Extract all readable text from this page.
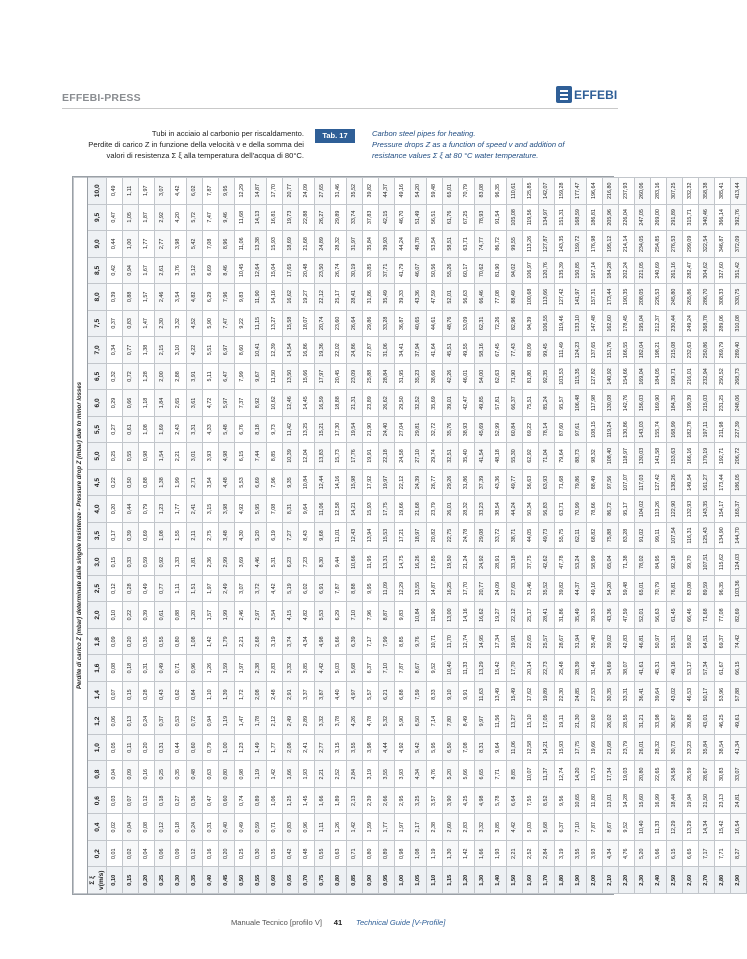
EFFEBI-PRESS	EFFEBI
Tubi in acciaio al carbonio per riscaldamento.
Perdite di carico Z in funzione della velocità v e della somma dei
valori di resistenza Σ ξ alla temperatura dell'acqua di 80°C.
Tab. 17	Carbon steel pipes for heating.
Pressure drops Z as a function of speed v and addition of
resistance values Σ ξ at 80 °C water temperature.
Perdite di carico Z (mbar) determinate dalle singole resistenze - Pressure drop Z (mbar) due to minor losses																										

Σ ξ v(m/s)	0,2	0,4	0,6	0,8	1,0	1,2	1,4	1,6	1,8	2,0	2,5	3,0	3,5	4,0	4,5	5,0	5,5	6,0	6,5	7,0	7,5	8,0	8,5	9,0	9,5	10,0
0,10	0,01	0,02	0,03	0,04	0,05	0,06	0,07	0,08	0,09	0,10	0,12	0,15	0,17	0,20	0,22	0,25	0,27	0,29	0,32	0,34	0,37	0,39	0,42	0,44	0,47	0,49
0,15	0,02	0,04	0,07	0,09	0,11	0,13	0,15	0,18	0,20	0,22	0,28	0,33	0,39	0,44	0,50	0,55	0,61	0,66	0,72	0,77	0,83	0,88	0,94	1,00	1,05	1,11
0,20	0,04	0,08	0,12	0,16	0,20	0,24	0,28	0,31	0,35	0,39	0,49	0,59	0,69	0,79	0,88	0,98	1,08	1,18	1,28	1,38	1,47	1,57	1,67	1,77	1,87	1,97
0,25	0,06	0,12	0,18	0,25	0,31	0,37	0,43	0,49	0,55	0,61	0,77	0,92	1,08	1,23	1,38	1,54	1,69	1,84	2,00	2,15	2,30	2,46	2,61	2,77	2,92	3,07
0,30	0,09	0,18	0,27	0,35	0,44	0,53	0,62	0,71	0,80	0,88	1,11	1,33	1,55	1,77	1,99	2,21	2,43	2,65	2,88	3,10	3,32	3,54	3,76	3,98	4,20	4,42
0,35	0,12	0,24	0,36	0,48	0,60	0,72	0,84	0,96	1,08	1,20	1,51	1,81	2,11	2,41	2,71	3,01	3,31	3,61	3,91	4,22	4,52	4,82	5,12	5,42	5,72	6,02
0,40	0,16	0,31	0,47	0,63	0,79	0,94	1,10	1,26	1,42	1,57	1,97	2,36	2,75	3,15	3,54	3,93	4,33	4,72	5,11	5,51	5,90	6,29	6,69	7,08	7,47	7,87
0,45	0,20	0,40	0,60	0,80	1,00	1,19	1,39	1,59	1,79	1,99	2,49	2,99	3,48	3,98	4,48	4,98	5,48	5,97	6,47	6,97	7,47	7,96	8,46	8,96	9,46	9,95
0,50	0,25	0,49	0,74	0,98	1,23	1,47	1,72	1,97	2,21	2,46	3,07	3,69	4,30	4,92	5,53	6,15	6,76	7,37	7,99	8,60	9,22	9,83	10,45	11,06	11,68	12,29
0,55	0,30	0,59	0,89	1,19	1,49	1,78	2,08	2,38	2,68	2,97	3,72	4,46	5,20	5,95	6,69	7,44	8,18	8,92	9,67	10,41	11,15	11,90	12,64	13,38	14,13	14,87
0,60	0,35	0,71	1,06	1,42	1,77	2,12	2,48	2,83	3,19	3,54	4,42	5,31	6,19	7,08	7,96	8,85	9,73	10,62	11,50	12,39	13,27	14,16	15,04	15,93	16,81	17,70
0,65	0,42	0,83	1,25	1,66	2,08	2,49	2,91	3,32	3,74	4,15	5,19	6,23	7,27	8,31	9,35	10,39	11,42	12,46	13,50	14,54	15,58	16,62	17,65	18,69	19,73	20,77
0,70	0,48	0,96	1,45	1,93	2,41	2,89	3,37	3,85	4,34	4,82	6,02	7,23	8,43	9,64	10,84	12,04	13,25	14,45	15,66	16,86	18,07	19,27	20,48	21,68	22,88	24,09
0,75	0,55	1,11	1,66	2,21	2,77	3,32	3,87	4,42	4,98	5,53	6,91	8,30	9,68	11,06	12,44	13,83	15,21	16,59	17,97	19,36	20,74	22,12	23,50	24,89	26,27	27,65
0,80	0,63	1,26	1,89	2,52	3,15	3,78	4,40	5,03	5,66	6,29	7,87	9,44	11,01	12,58	14,16	15,73	17,30	18,88	20,45	22,02	23,60	25,17	26,74	28,32	29,89	31,46
0,85	0,71	1,42	2,13	2,84	3,55	4,26	4,97	5,68	6,39	7,10	8,88	10,66	12,43	14,21	15,98	17,76	19,54	21,31	23,09	24,86	26,64	28,41	30,19	31,97	33,74	35,52
0,90	0,80	1,59	2,39	3,19	3,98	4,78	5,57	6,37	7,17	7,96	9,95	11,95	13,94	15,93	17,92	19,91	21,90	23,89	25,88	27,87	29,86	31,86	33,85	35,84	37,83	39,82
0,95	0,89	1,77	2,66	3,55	4,44	5,32	6,21	7,10	7,99	8,87	11,09	13,31	15,53	17,75	19,97	22,18	24,40	26,62	28,84	31,06	33,28	35,49	37,71	39,93	42,15	44,37
1,00	0,98	1,97	2,95	3,93	4,92	5,90	6,88	7,87	8,85	9,83	12,29	14,75	17,21	19,66	22,12	24,58	27,04	29,50	31,95	34,41	36,87	39,33	41,79	44,24	46,70	49,16
1,05	1,08	2,17	3,25	4,34	5,42	6,50	7,59	8,67	9,76	10,84	13,55	16,26	18,97	21,68	24,39	27,10	29,81	32,52	35,23	37,94	40,65	43,36	46,07	48,78	51,49	54,20
1,10	1,19	2,38	3,57	4,76	5,95	7,14	8,33	9,52	10,71	11,90	14,87	17,85	20,82	23,79	26,77	29,74	32,72	35,69	38,66	41,64	44,61	47,59	50,56	53,54	56,51	59,48
1,15	1,30	2,60	3,90	5,20	6,50	7,80	9,10	10,40	11,70	13,00	16,25	19,50	22,75	26,01	29,26	32,51	35,76	39,01	42,26	45,51	48,76	52,01	55,26	58,51	61,76	65,01
1,20	1,42	2,83	4,25	5,66	7,08	8,49	9,91	11,33	12,74	14,16	17,70	21,24	24,78	28,32	31,86	35,40	38,93	42,47	46,01	49,55	53,09	56,63	60,17	63,71	67,25	70,79
1,30	1,66	3,32	4,98	6,65	8,31	9,97	11,63	13,29	14,95	16,62	20,77	24,92	29,08	33,23	37,39	41,54	45,69	49,85	54,00	58,16	62,31	66,46	70,62	74,77	78,93	83,08
1,40	1,93	3,85	5,78	7,71	9,64	11,56	13,49	15,42	17,34	19,27	24,09	28,91	33,72	38,54	43,36	48,18	52,99	57,81	62,63	67,45	72,26	77,08	81,90	86,72	91,54	96,35
1,50	2,21	4,42	6,64	8,85	11,06	13,27	15,49	17,70	19,91	22,12	27,65	33,18	38,71	44,24	49,77	55,30	60,84	66,37	71,90	77,43	82,96	88,49	94,02	99,55	105,08	110,61
1,60	2,52	5,03	7,55	10,07	12,58	15,10	17,62	20,14	22,65	25,17	31,46	37,75	44,05	50,34	56,63	62,92	69,22	75,51	81,80	88,09	94,39	100,68	106,97	113,26	119,56	125,85
1,70	2,84	5,68	8,52	11,37	14,21	17,05	19,89	22,73	25,57	28,41	35,52	42,62	49,73	56,83	63,93	71,04	78,14	85,24	92,35	99,45	106,55	113,66	120,76	127,87	134,97	142,07
1,80	3,19	6,37	9,56	12,74	15,93	19,11	22,30	25,48	28,67	31,86	39,82	47,78	55,75	63,71	71,68	79,64	87,60	95,57	103,53	111,49	119,46	127,42	135,39	143,35	151,31	159,28
1,90	3,55	7,10	10,65	14,20	17,75	21,30	24,85	28,39	31,94	35,49	44,37	53,24	62,11	70,99	79,86	88,73	97,61	106,48	115,35	124,23	133,10	141,97	150,85	159,72	168,59	177,47
2,00	3,93	7,87	11,80	15,73	19,66	23,60	27,53	31,46	35,40	39,33	49,16	58,99	68,82	78,66	88,49	98,32	108,15	117,98	127,82	137,65	147,48	157,31	167,14	176,98	186,81	196,64
2,10	4,34	8,67	13,01	17,34	21,68	26,02	30,35	34,69	39,02	43,36	54,20	65,04	75,88	86,72	97,56	108,40	119,24	130,08	140,92	151,76	162,60	173,44	184,28	195,12	205,96	216,80
2,20	4,76	9,52	14,28	19,03	23,79	28,55	33,31	38,07	42,83	47,59	59,48	71,38	83,28	95,17	107,07	118,97	130,86	142,76	154,66	166,55	178,45	190,35	202,24	214,14	226,04	237,93
2,30	5,20	10,40	15,60	20,80	26,01	31,21	36,41	41,61	46,81	52,01	65,01	78,02	91,02	104,02	117,03	130,03	143,03	156,03	169,04	182,04	195,04	208,05	221,05	234,05	247,05	260,06
2,40	5,66	11,33	16,99	22,65	28,32	33,98	39,64	45,31	50,97	56,63	70,79	84,95	99,11	113,26	127,42	141,58	155,74	169,90	184,05	198,21	212,37	226,53	240,69	254,85	269,00	283,16
2,50	6,15	12,29	18,44	24,58	30,73	36,87	43,02	49,16	55,31	61,45	76,81	92,18	107,54	122,90	138,26	153,63	168,99	184,35	199,71	215,08	230,44	245,80	261,16	276,53	291,89	307,25
2,60	6,65	13,29	19,94	26,59	33,23	39,88	46,53	53,17	59,82	66,46	83,08	99,70	116,31	132,93	149,54	166,16	182,78	199,39	216,01	232,63	249,24	265,86	282,47	299,09	315,71	332,32
2,70	7,17	14,34	21,50	28,67	35,84	43,01	50,17	57,34	64,51	71,68	89,59	107,51	125,43	143,35	161,27	179,19	197,11	215,03	232,94	250,86	268,78	286,70	304,62	322,54	340,46	358,38
2,80	7,71	15,42	23,13	30,83	38,54	46,25	53,96	61,67	69,37	77,08	96,35	115,62	134,90	154,17	173,44	192,71	211,98	231,25	250,52	269,79	289,06	308,33	327,60	346,87	366,14	385,41
2,90	8,27	16,54	24,81	33,07	41,34	49,61	57,88	66,15	74,42	82,69	103,36	124,03	144,70	165,37	186,05	206,72	227,39	248,06	268,73	289,40	310,08	330,75	351,42	372,09	392,76	413,44
Manuale Tecnico [profilo V]	41	Technical Guide [V-Profile]
